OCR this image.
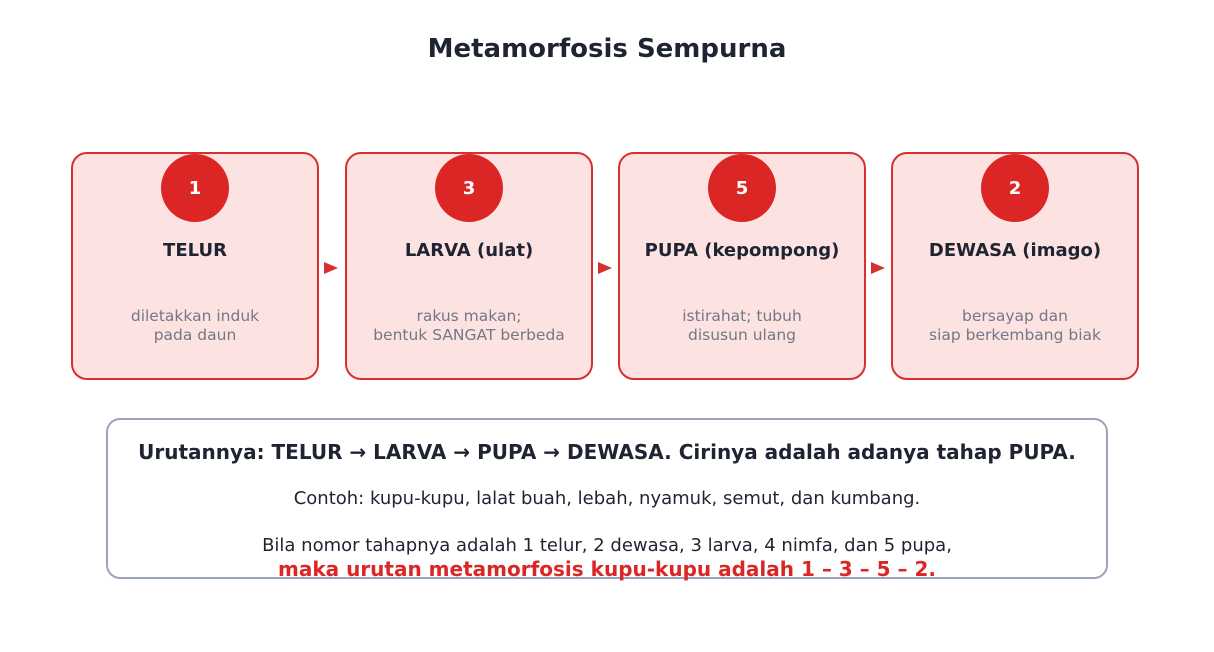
Metamorfosis Sempurna
1
TELUR
diletakkan induk
pada daun
3
LARVA (ulat)
rakus makan;
bentuk SANGAT berbeda
5
PUPA (kepompong)
istirahat; tubuh
disusun ulang
2
DEWASA (imago)
bersayap dan
siap berkembang biak
Urutannya: TELUR → LARVA → PUPA → DEWASA. Cirinya adalah adanya tahap PUPA.
Contoh: kupu-kupu, lalat buah, lebah, nyamuk, semut, dan kumbang.
Bila nomor tahapnya adalah 1 telur, 2 dewasa, 3 larva, 4 nimfa, dan 5 pupa,
maka urutan metamorfosis kupu-kupu adalah 1 – 3 – 5 – 2.
